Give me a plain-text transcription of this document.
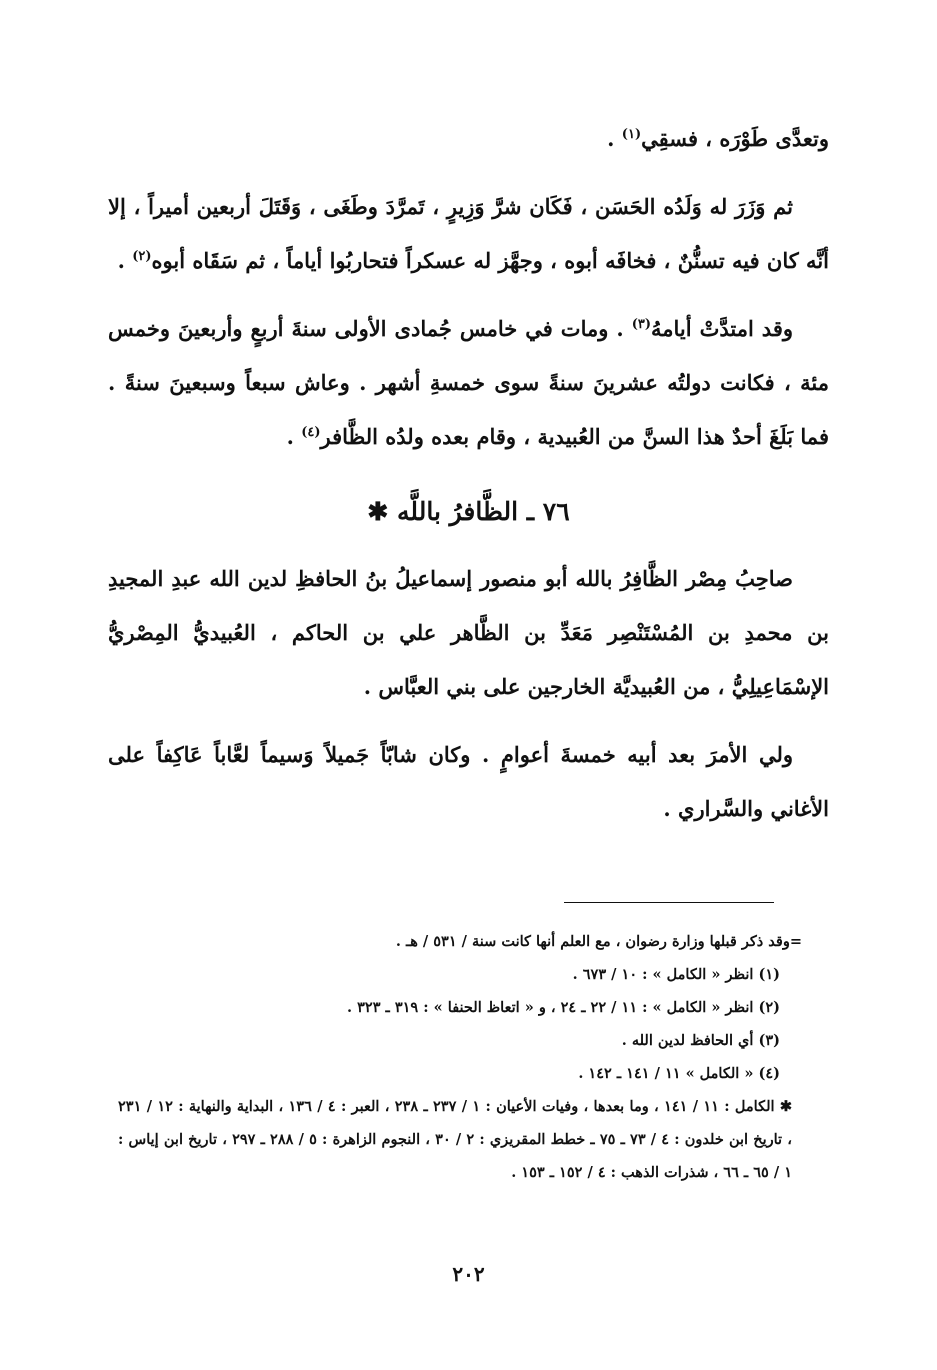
وتعدَّى طَوْرَه ، فسقِي$^{(١)}$ .

ثم وَزَرَ له وَلَدُه الحَسَن ، فَكَان شرَّ وَزِيرٍ ، تَمرَّدَ وطَغَى ، وَقَتَلَ أربعين أميراً ، إلا أنَّه كان فيه تسنُّنٌ ، فخافَه أبوه ، وجهَّز له عسكراً فتحاربُوا أياماً ، ثم سَقَاه أبوه$^{(٢)}$ .

وقد امتدَّتْ أيامهُ$^{(٣)}$ . ومات في خامس جُمادى الأولى سنةَ أربعٍ وأربعينَ وخمس مئة ، فكانت دولتُه عشرينَ سنةً سوى خمسةِ أشهر . وعاش سبعاً وسبعينَ سنةً . فما بَلَغَ أحدٌ هذا السنَّ من العُبيدية ، وقام بعده ولدُه الظَّافر$^{(٤)}$ .

٧٦ ـ الظَّافرُ باللَّه ✱

صاحِبُ مِصْر الظَّافِرُ بالله أبو منصور إسماعيلُ بنُ الحافظِ لدين الله عبدِ المجيدِ بن محمدِ بن المُسْتَنْصِر مَعَدِّ بن الظَّاهر علي بن الحاكم ، العُبيديُّ المِصْريُّ الإسْمَاعِيلِيُّ ، من العُبيديَّة الخارجين على بني العبَّاس .

ولي الأمرَ بعد أبيه خمسةَ أعوامٍ . وكان شابّاً جَميلاً وَسيماً لعَّاباً عَاكِفاً على الأغاني والسَّراري .

=وقد ذكر قبلها وزارة رضوان ، مع العلم أنها كانت سنة / ٥٣١ / هـ .

(١) انظر « الكامل » : ١٠ / ٦٧٣ .

(٢) انظر « الكامل » : ١١ / ٢٢ ـ ٢٤ ، و « اتعاظ الحنفا » : ٣١٩ ـ ٣٢٣ .

(٣) أي الحافظ لدين الله .

(٤) « الكامل » ١١ / ١٤١ ـ ١٤٢ .

✱ الكامل : ١١ / ١٤١ ، وما بعدها ، وفيات الأعيان : ١ / ٢٣٧ ـ ٢٣٨ ، العبر : ٤ / ١٣٦ ، البداية والنهاية : ١٢ / ٢٣١ ، تاريخ ابن خلدون : ٤ / ٧٣ ـ ٧٥ ـ خطط المقريزي : ٢ / ٣٠ ، النجوم الزاهرة : ٥ / ٢٨٨ ـ ٢٩٧ ، تاريخ ابن إياس : ١ / ٦٥ ـ ٦٦ ، شذرات الذهب : ٤ / ١٥٢ ـ ١٥٣ .

٢٠٢
